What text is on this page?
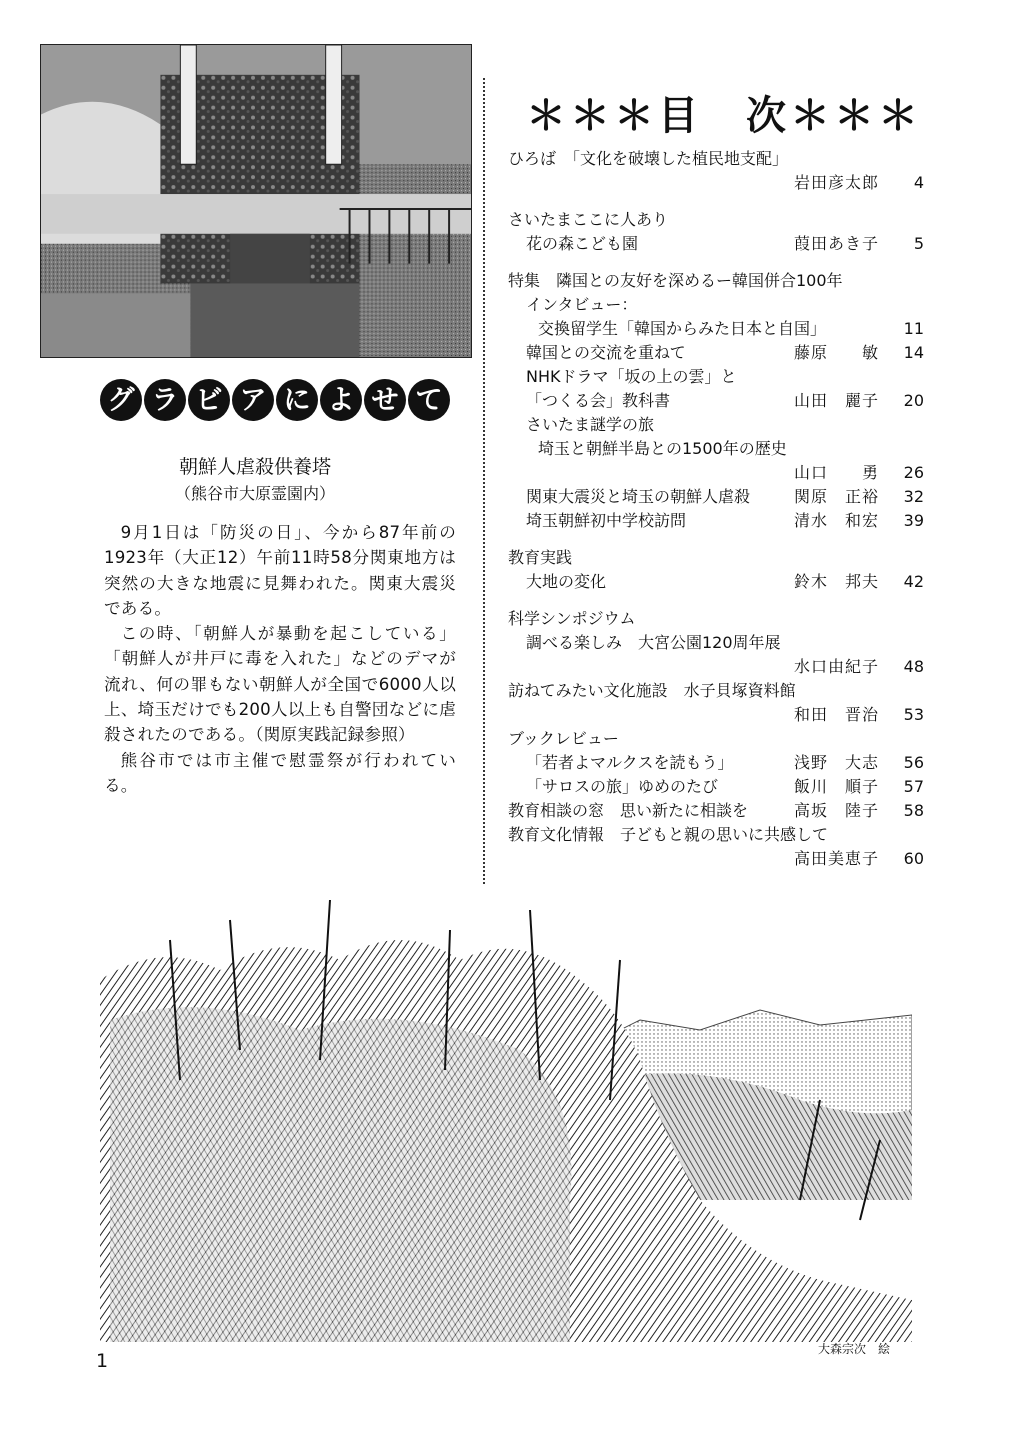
グ ラ ビ ア に よ せ て
朝鮮人虐殺供養塔
（熊谷市大原霊園内）

9月1日は「防災の日」、今から87年前の1923年（大正12）午前11時58分関東地方は突然の大きな地震に見舞われた。関東大震災である。

この時、「朝鮮人が暴動を起こしている」「朝鮮人が井戸に毒を入れた」などのデマが流れ、何の罪もない朝鮮人が全国で6000人以上、埼玉だけでも200人以上も自警団などに虐殺されたのである。（関原実践記録参照）

熊谷市では市主催で慰霊祭が行われている。

＊＊＊目　次＊＊＊
ひろば　「文化を破壊した植民地支配」
岩田彦太郎 4
さいたまここに人あり
花の森こども園	葭田あき子 5
特集　隣国との友好を深めるー韓国併合100年
インタビュー：
交換留学生「韓国からみた日本と自国」	11
韓国との交流を重ねて	藤原　　敏 14
NHKドラマ「坂の上の雲」と
「つくる会」教科書	山田　麗子 20
さいたま謎学の旅
埼玉と朝鮮半島との1500年の歴史
山口　　勇 26
関東大震災と埼玉の朝鮮人虐殺	関原　正裕 32
埼玉朝鮮初中学校訪問	清水　和宏 39
教育実践
大地の変化	鈴木　邦夫 42
科学シンポジウム
調べる楽しみ　大宮公園120周年展
水口由紀子 48
訪ねてみたい文化施設　水子貝塚資料館
和田　晋治 53
ブックレビュー
「若者よマルクスを読もう」	浅野　大志 56
「サロスの旅」ゆめのたび	飯川　順子 57
教育相談の窓　思い新たに相談を	高坂　陸子 58
教育文化情報　子どもと親の思いに共感して
高田美恵子 60
1
大森宗次　絵
